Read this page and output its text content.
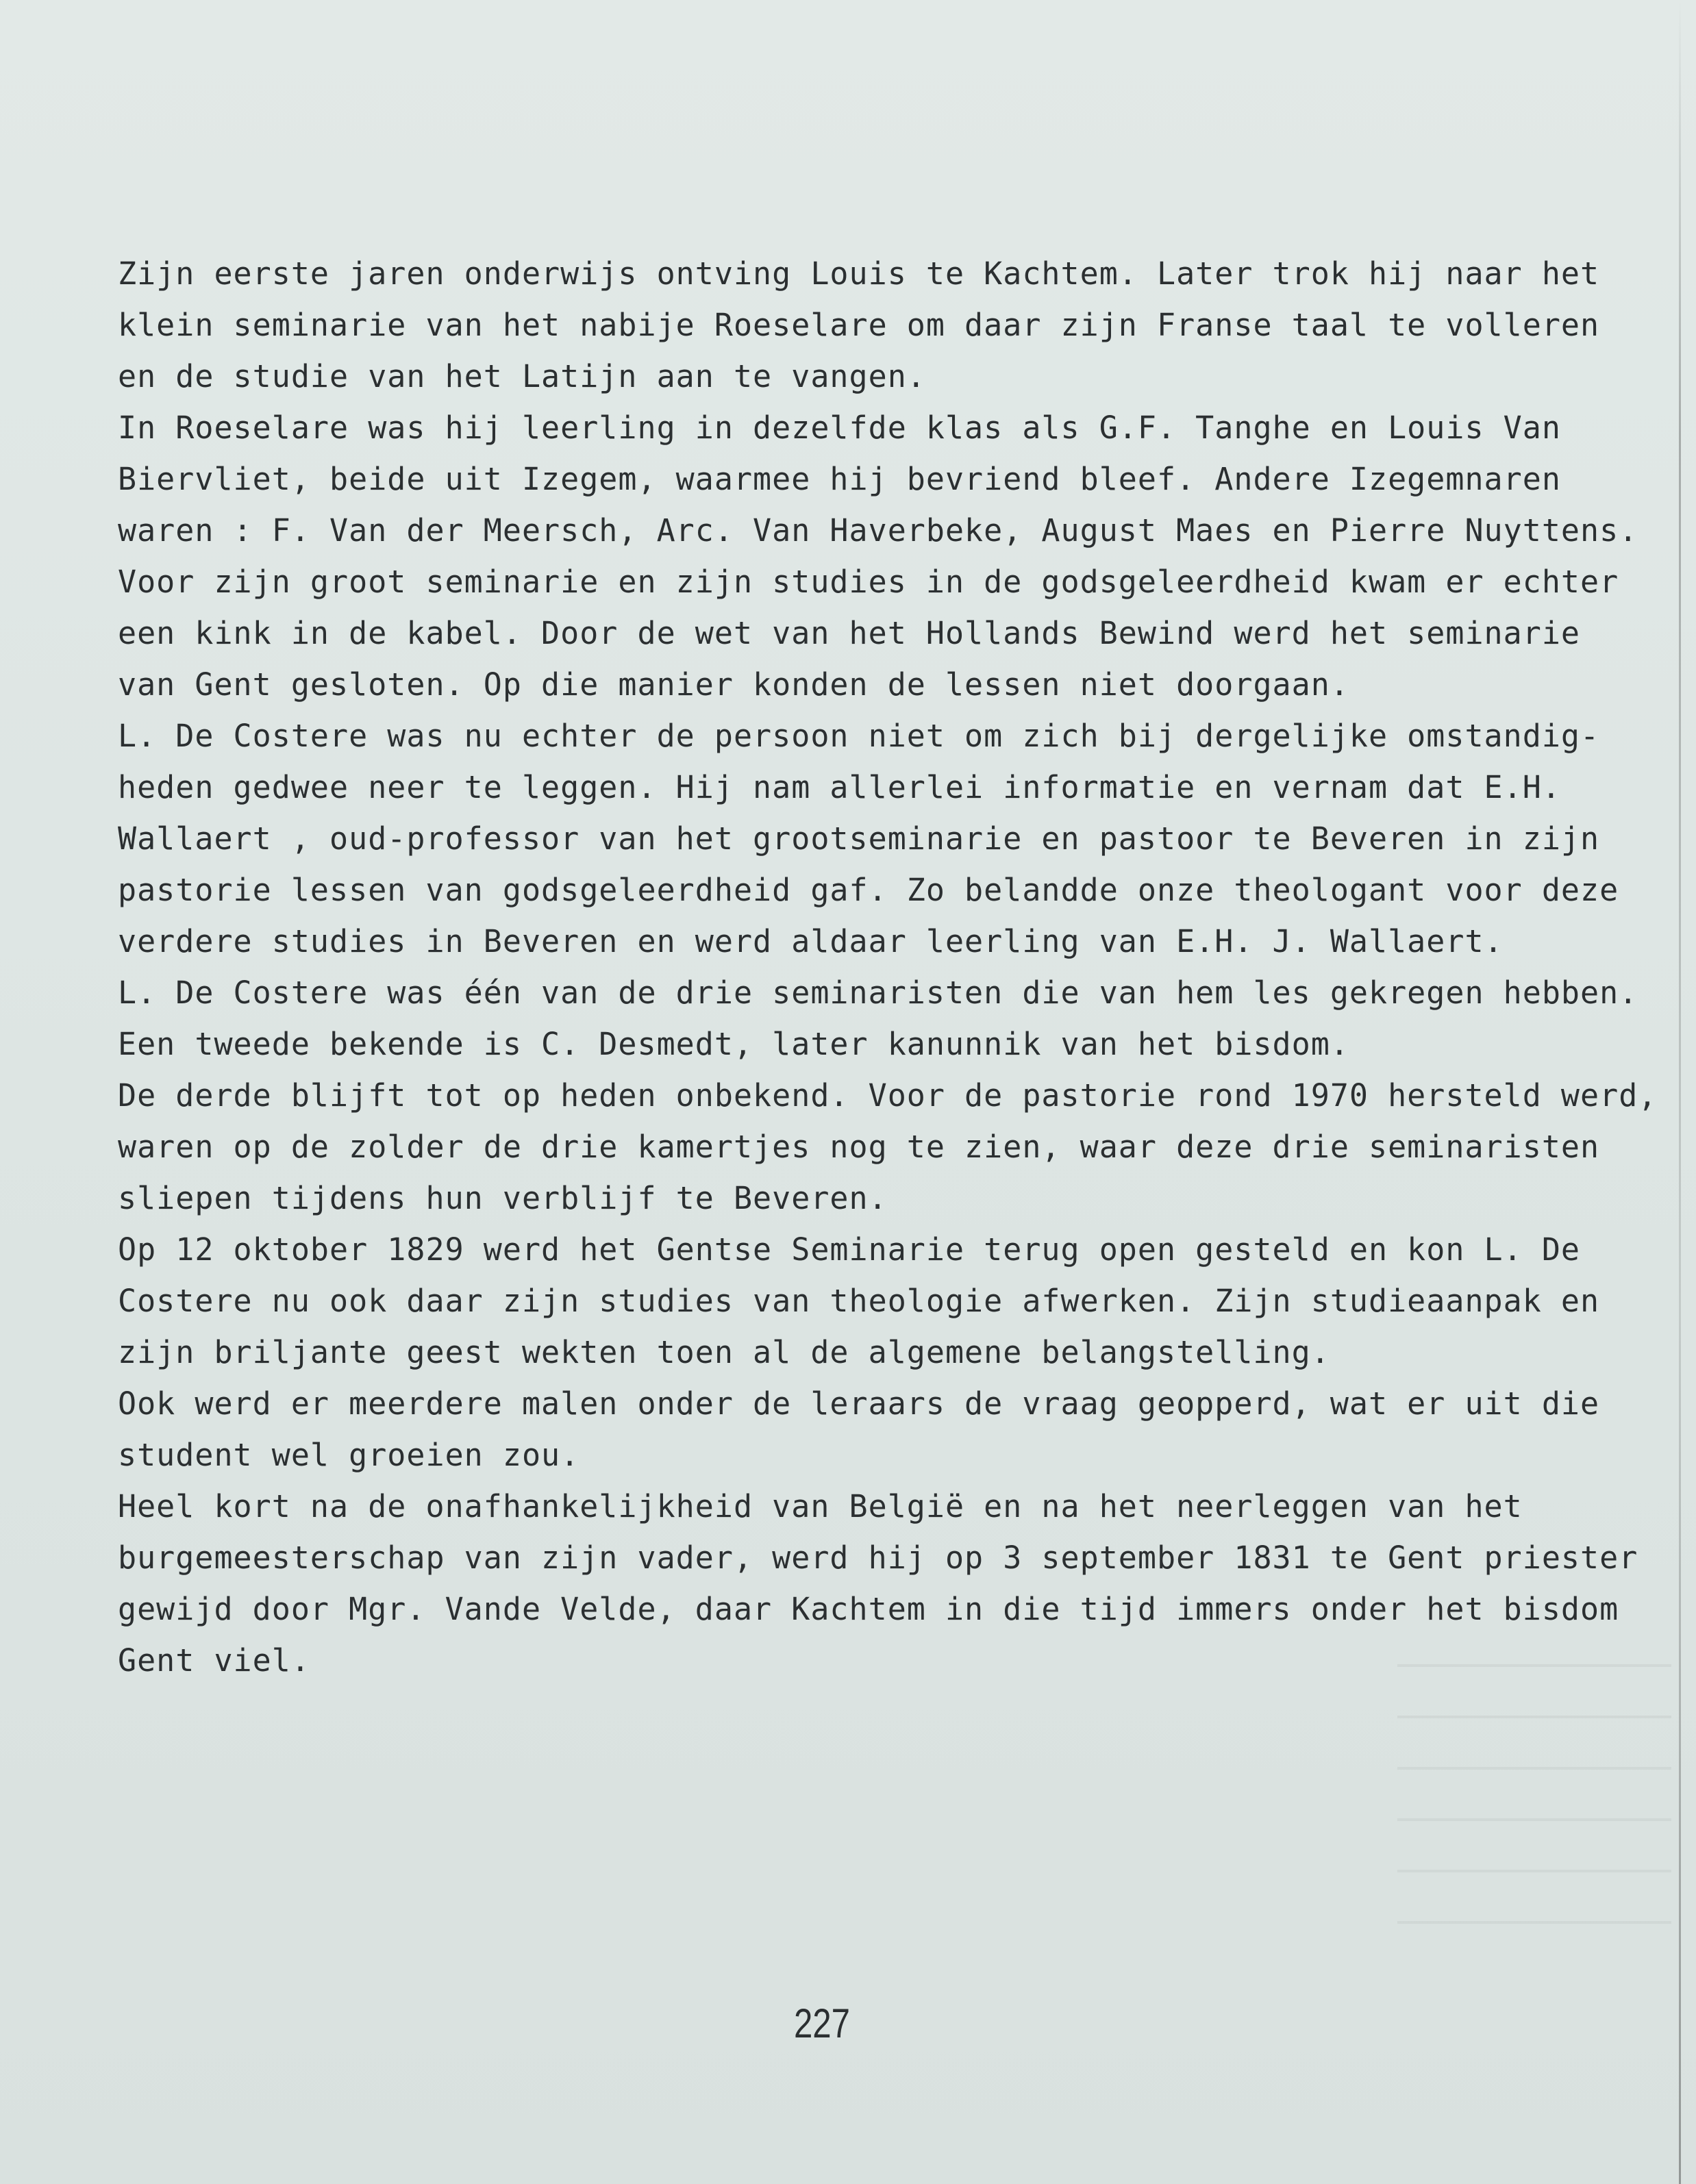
Zijn eerste jaren onderwijs ontving Louis te Kachtem. Later trok hij naar het
klein seminarie van het nabije Roeselare om daar zijn Franse taal te volleren
en de studie van het Latijn aan te vangen.
In Roeselare was hij leerling in dezelfde klas als G.F. Tanghe en Louis Van
Biervliet, beide uit Izegem, waarmee hij bevriend bleef. Andere Izegemnaren
waren : F. Van der Meersch, Arc. Van Haverbeke, August Maes en Pierre Nuyttens.
Voor zijn groot seminarie en zijn studies in de godsgeleerdheid kwam er echter
een kink in de kabel. Door de wet van het Hollands Bewind werd het seminarie
van Gent gesloten. Op die manier konden de lessen niet doorgaan.
L. De Costere was nu echter de persoon niet om zich bij dergelijke omstandig-
heden gedwee neer te leggen. Hij nam allerlei informatie en vernam dat E.H.
Wallaert , oud-professor van het grootseminarie en pastoor te Beveren in zijn
pastorie lessen van godsgeleerdheid gaf. Zo belandde onze theologant voor deze
verdere studies in Beveren en werd aldaar leerling van E.H. J. Wallaert.
L. De Costere was één van de drie seminaristen die van hem les gekregen hebben.
Een tweede bekende is C. Desmedt, later kanunnik van het bisdom.
De derde blijft tot op heden onbekend. Voor de pastorie rond 1970 hersteld werd,
waren op de zolder de drie kamertjes nog te zien, waar deze drie seminaristen
sliepen tijdens hun verblijf te Beveren.
Op 12 oktober 1829 werd het Gentse Seminarie terug open gesteld en kon L. De
Costere nu ook daar zijn studies van theologie afwerken. Zijn studieaanpak en
zijn briljante geest wekten toen al de algemene belangstelling.
Ook werd er meerdere malen onder de leraars de vraag geopperd, wat er uit die
student wel groeien zou.
Heel kort na de onafhankelijkheid van België en na het neerleggen van het
burgemeesterschap van zijn vader, werd hij op 3 september 1831 te Gent priester
gewijd door Mgr. Vande Velde, daar Kachtem in die tijd immers onder het bisdom
Gent viel.
227
